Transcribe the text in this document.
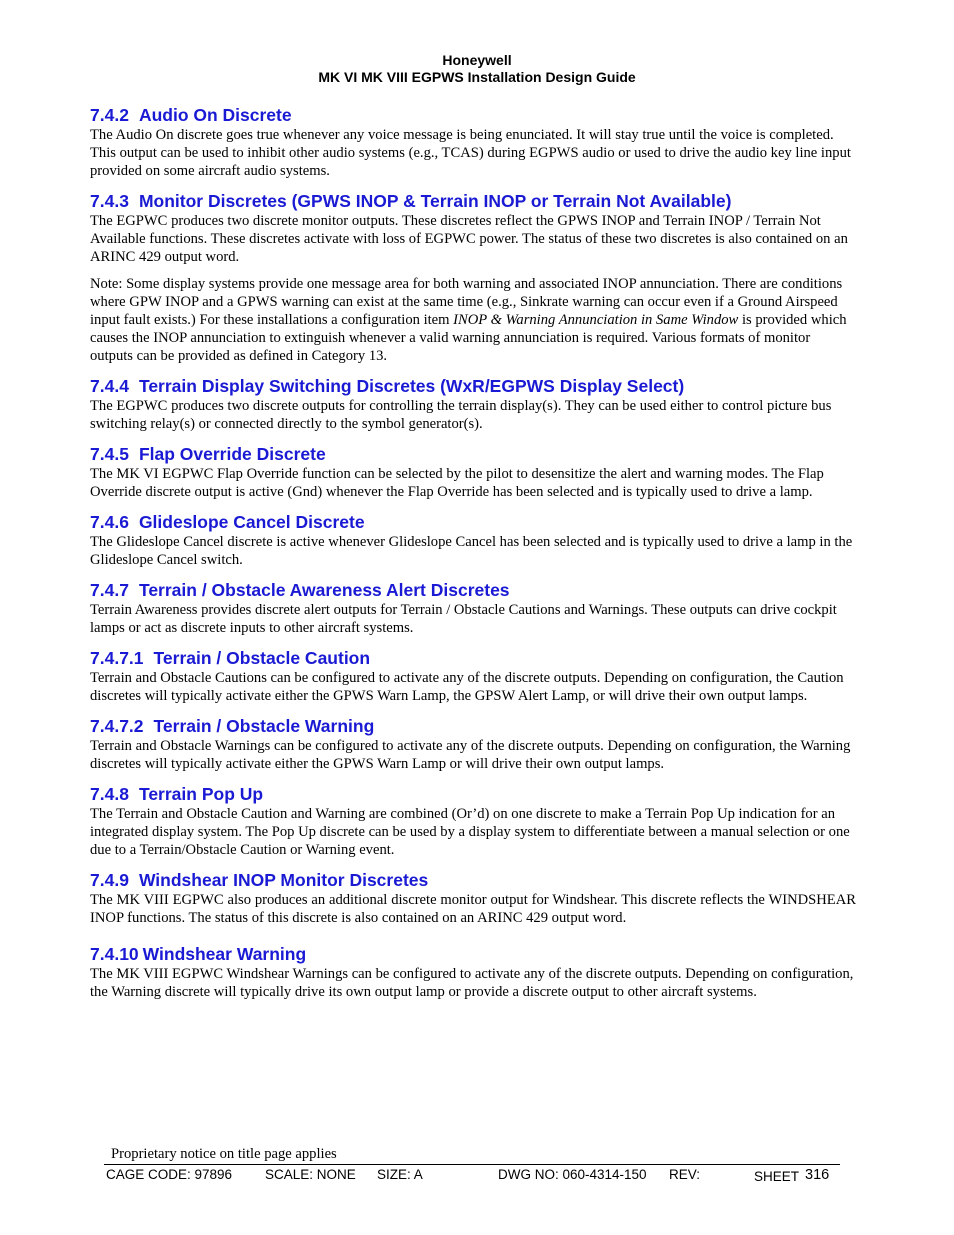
Honeywell
MK VI MK VIII EGPWS Installation Design Guide
7.4.2 Audio On Discrete

The Audio On discrete goes true whenever any voice message is being enunciated. It will stay true until the voice is completed. This output can be used to inhibit other audio systems (e.g., TCAS) during EGPWS audio or used to drive the audio key line input provided on some aircraft audio systems.

7.4.3 Monitor Discretes (GPWS INOP & Terrain INOP or Terrain Not Available)

The EGPWC produces two discrete monitor outputs. These discretes reflect the GPWS INOP and Terrain INOP / Terrain Not Available functions. These discretes activate with loss of EGPWC power. The status of these two discretes is also contained on an ARINC 429 output word.

Note: Some display systems provide one message area for both warning and associated INOP annunciation. There are conditions where GPW INOP and a GPWS warning can exist at the same time (e.g., Sinkrate warning can occur even if a Ground Airspeed input fault exists.) For these installations a configuration item INOP & Warning Annunciation in Same Window is provided which causes the INOP annunciation to extinguish whenever a valid warning annunciation is required. Various formats of monitor outputs can be provided as defined in Category 13.

7.4.4 Terrain Display Switching Discretes (WxR/EGPWS Display Select)

The EGPWC produces two discrete outputs for controlling the terrain display(s). They can be used either to control picture bus switching relay(s) or connected directly to the symbol generator(s).

7.4.5 Flap Override Discrete

The MK VI EGPWC Flap Override function can be selected by the pilot to desensitize the alert and warning modes. The Flap Override discrete output is active (Gnd) whenever the Flap Override has been selected and is typically used to drive a lamp.

7.4.6 Glideslope Cancel Discrete

The Glideslope Cancel discrete is active whenever Glideslope Cancel has been selected and is typically used to drive a lamp in the Glideslope Cancel switch.

7.4.7 Terrain / Obstacle Awareness Alert Discretes

Terrain Awareness provides discrete alert outputs for Terrain / Obstacle Cautions and Warnings. These outputs can drive cockpit lamps or act as discrete inputs to other aircraft systems.

7.4.7.1 Terrain / Obstacle Caution

Terrain and Obstacle Cautions can be configured to activate any of the discrete outputs. Depending on configuration, the Caution discretes will typically activate either the GPWS Warn Lamp, the GPSW Alert Lamp, or will drive their own output lamps.

7.4.7.2 Terrain / Obstacle Warning

Terrain and Obstacle Warnings can be configured to activate any of the discrete outputs. Depending on configuration, the Warning discretes will typically activate either the GPWS Warn Lamp or will drive their own output lamps.

7.4.8 Terrain Pop Up

The Terrain and Obstacle Caution and Warning are combined (Or’d) on one discrete to make a Terrain Pop Up indication for an integrated display system. The Pop Up discrete can be used by a display system to differentiate between a manual selection or one due to a Terrain/Obstacle Caution or Warning event.

7.4.9 Windshear INOP Monitor Discretes

The MK VIII EGPWC also produces an additional discrete monitor output for Windshear. This discrete reflects the WINDSHEAR INOP functions. The status of this discrete is also contained on an ARINC 429 output word.

7.4.10 Windshear Warning

The MK VIII EGPWC Windshear Warnings can be configured to activate any of the discrete outputs. Depending on configuration, the Warning discrete will typically drive its own output lamp or provide a discrete output to other aircraft systems.

Proprietary notice on title page applies
CAGE CODE: 97896 SCALE: NONE SIZE: A	DWG NO: 060-4314-150 REV:	SHEET 316
